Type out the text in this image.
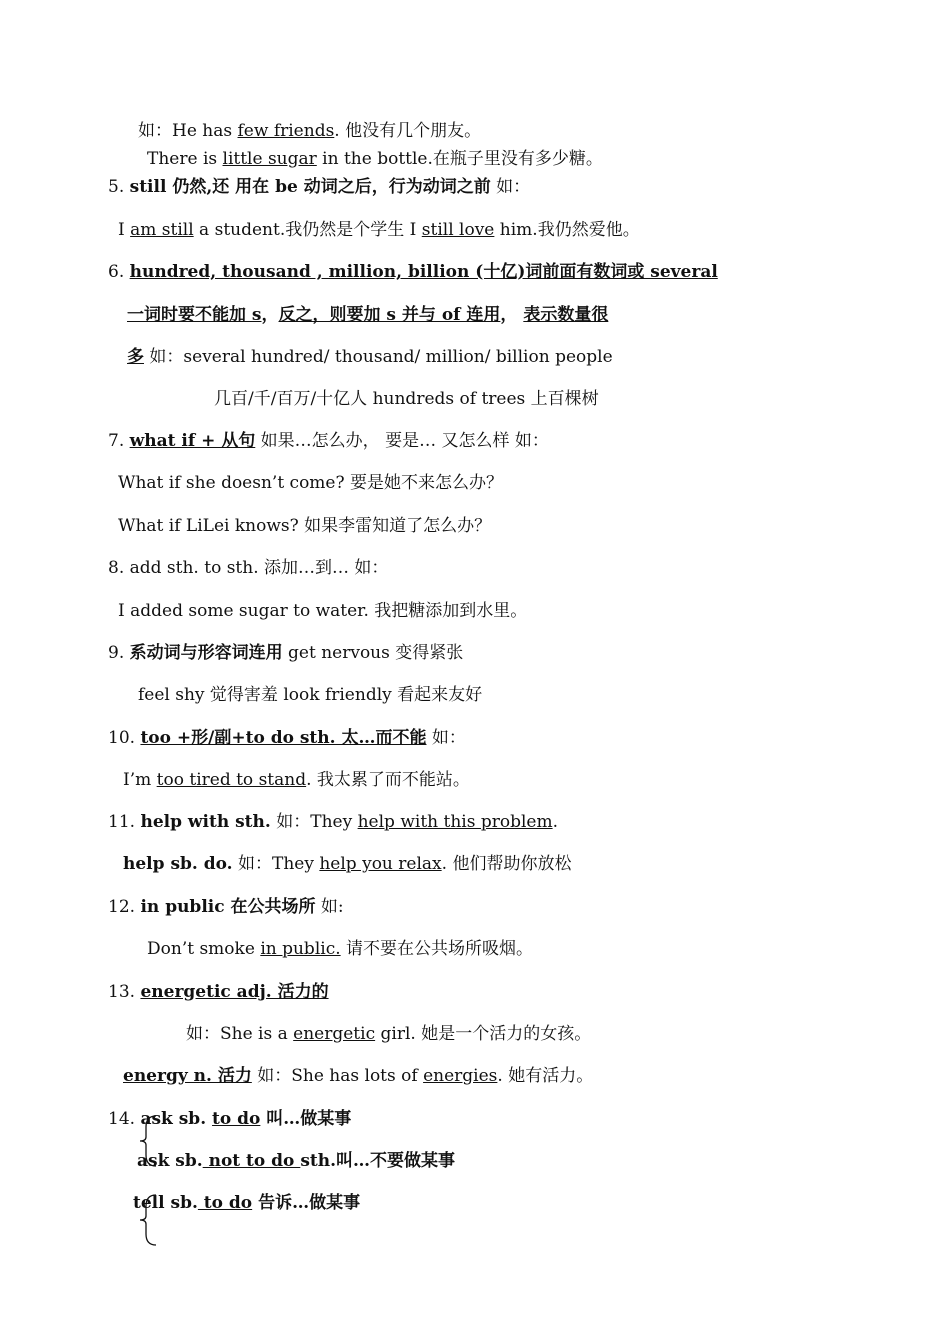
如：He has few friends. 他没有几个朋友。
There is little sugar in the bottle.在瓶子里没有多少糖。
5. still 仍然,还 用在 be 动词之后，行为动词之前 如：
I am still a student.我仍然是个学生 I still love him.我仍然爱他。
6. hundred, thousand , million, billion (十亿)词前面有数词或 several
一词时要不能加 s，反之，则要加 s 并与 of 连用， 表示数量很
多 如：several hundred/ thousand/ million/ billion people
几百/千/百万/十亿人 hundreds of trees 上百棵树
7. what if + 从句 如果…怎么办， 要是… 又怎么样 如：
What if she doesn’t come? 要是她不来怎么办？
What if LiLei knows? 如果李雷知道了怎么办？
8. add sth. to sth. 添加…到… 如：
I added some sugar to water. 我把糖添加到水里。
9. 系动词与形容词连用 get nervous 变得紧张
feel shy 觉得害羞 look friendly 看起来友好
10. too +形/副+to do sth. 太…而不能 如：
I’m too tired to stand. 我太累了而不能站。
11. help with sth. 如：They help with this problem.
help sb. do. 如：They help you relax. 他们帮助你放松
12. in public 在公共场所 如:
Don’t smoke in public. 请不要在公共场所吸烟。
13. energetic adj. 活力的
如：She is a energetic girl. 她是一个活力的女孩。
energy n. 活力 如：She has lots of energies. 她有活力。
14. ask sb. to do 叫…做某事
ask sb. not to do sth.叫…不要做某事
tell sb. to do 告诉…做某事
